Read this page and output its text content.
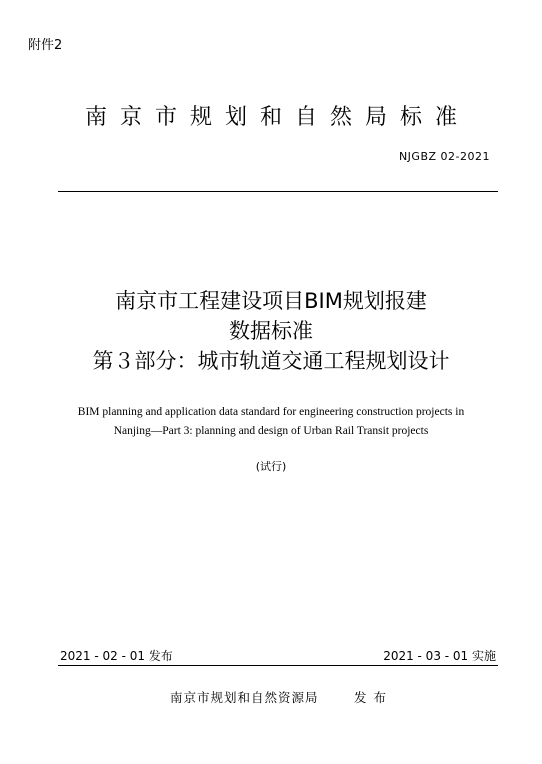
附件2
南京市规划和自然局标准
NJGBZ 02-2021
南京市工程建设项目BIM规划报建
数据标准
第３部分：城市轨道交通工程规划设计
BIM planning and application data standard for engineering construction projects in
Nanjing—Part 3: planning and design of Urban Rail Transit projects
(试行)
2021 - 02 - 01 发布	2021 - 03 - 01 实施
南京市规划和自然资源局	发布
